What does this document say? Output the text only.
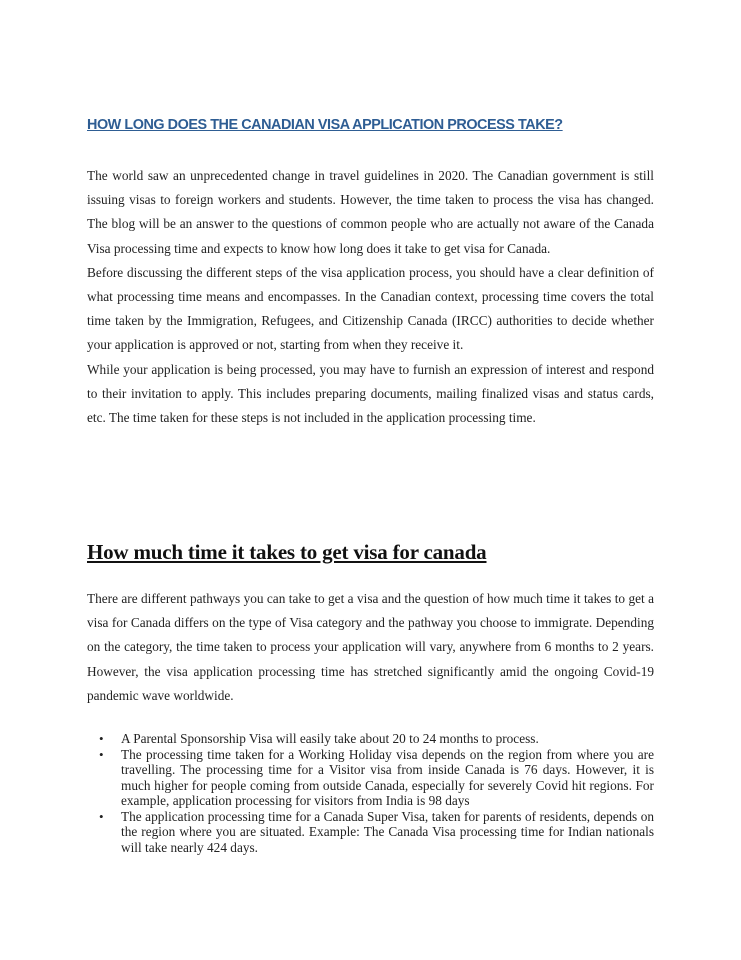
HOW LONG DOES THE CANADIAN VISA APPLICATION PROCESS TAKE?

The world saw an unprecedented change in travel guidelines in 2020. The Canadian government is still issuing visas to foreign workers and students. However, the time taken to process the visa has changed. The blog will be an answer to the questions of common people who are actually not aware of the Canada Visa processing time and expects to know how long does it take to get visa for Canada.

Before discussing the different steps of the visa application process, you should have a clear definition of what processing time means and encompasses. In the Canadian context, processing time covers the total time taken by the Immigration, Refugees, and Citizenship Canada (IRCC) authorities to decide whether your application is approved or not, starting from when they receive it.

While your application is being processed, you may have to furnish an expression of interest and respond to their invitation to apply. This includes preparing documents, mailing finalized visas and status cards, etc. The time taken for these steps is not included in the application processing time.

How much time it takes to get visa for canada

There are different pathways you can take to get a visa and the question of how much time it takes to get a visa for Canada differs on the type of Visa category and the pathway you choose to immigrate. Depending on the category, the time taken to process your application will vary, anywhere from 6 months to 2 years. However, the visa application processing time has stretched significantly amid the ongoing Covid-19 pandemic wave worldwide.

• A Parental Sponsorship Visa will easily take about 20 to 24 months to process.
• The processing time taken for a Working Holiday visa depends on the region from where you are travelling. The processing time for a Visitor visa from inside Canada is 76 days. However, it is much higher for people coming from outside Canada, especially for severely Covid hit regions. For example, application processing for visitors from India is 98 days
• The application processing time for a Canada Super Visa, taken for parents of residents, depends on the region where you are situated. Example: The Canada Visa processing time for Indian nationals will take nearly 424 days.
